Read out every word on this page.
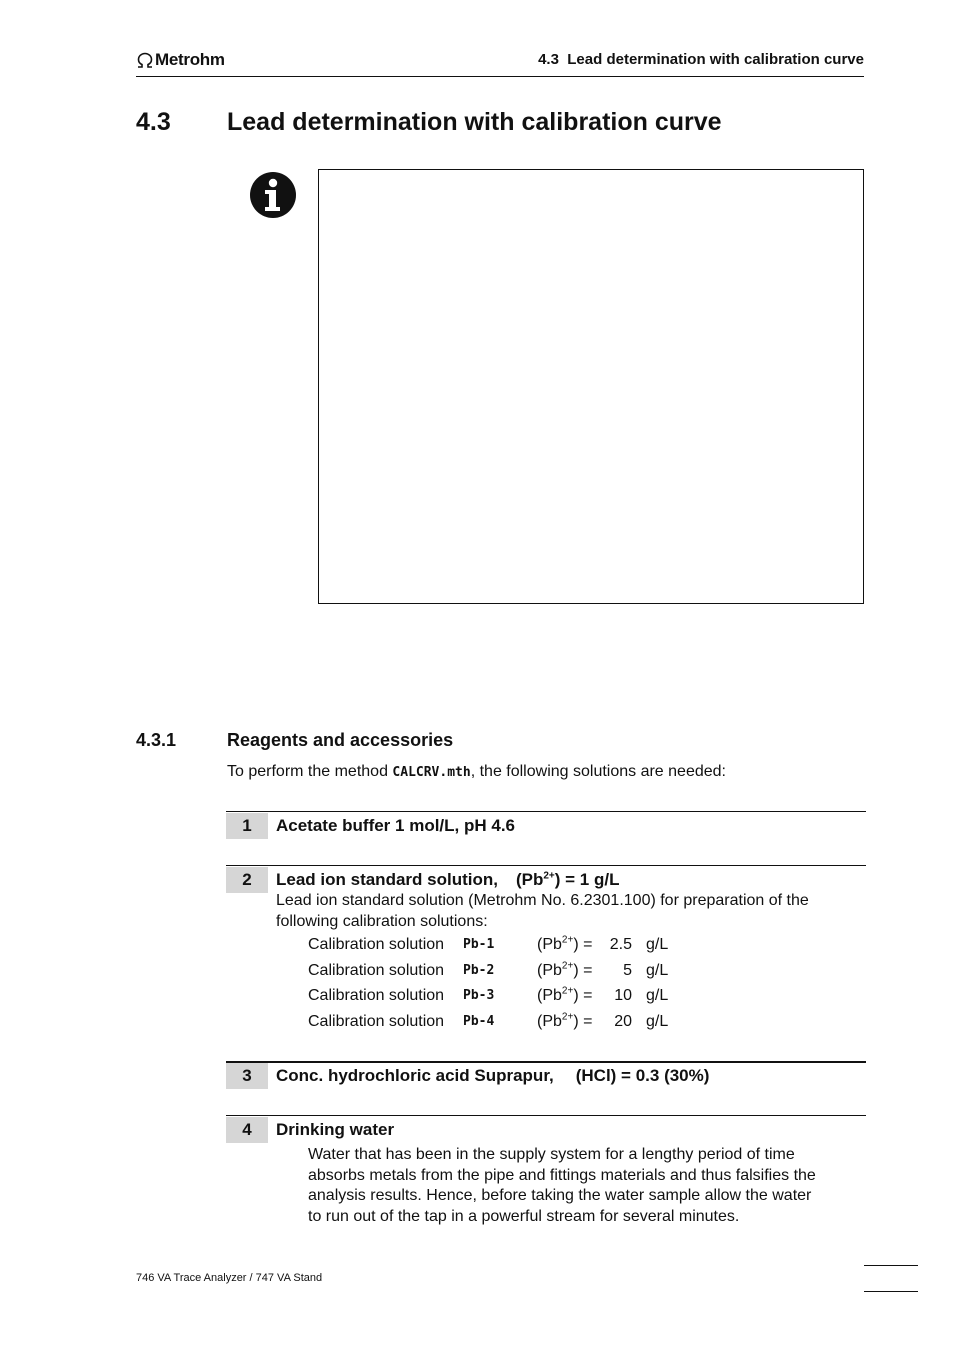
Metrohm	4.3  Lead determination with calibration curve
4.3 Lead determination with calibration curve
4.3.1	Reagents and accessories
To perform the method CALCRV.mth, the following solutions are needed:
1	Acetate buffer 1 mol/L, pH 4.6
2	Lead ion standard solution, $(Pb^{2+}) = 1$ g/L
Lead ion standard solution (Metrohm No. 6.2301.100) for preparation of the
following calibration solutions:
Calibration solution Pb-1	$(Pb^{2+})$ =	2.5 g/L
Calibration solution Pb-2	$(Pb^{2+})$ =	5 g/L
Calibration solution Pb-3	$(Pb^{2+})$ =	10 g/L
Calibration solution Pb-4	$(Pb^{2+})$ =	20 g/L
3	Conc. hydrochloric acid Suprapur, (HCl) = 0.3 (30%)
4	Drinking water
Water that has been in the supply system for a lengthy period of time
absorbs metals from the pipe and fittings materials and thus falsifies the
analysis results. Hence, before taking the water sample allow the water
to run out of the tap in a powerful stream for several minutes.
746 VA Trace Analyzer / 747 VA Stand
